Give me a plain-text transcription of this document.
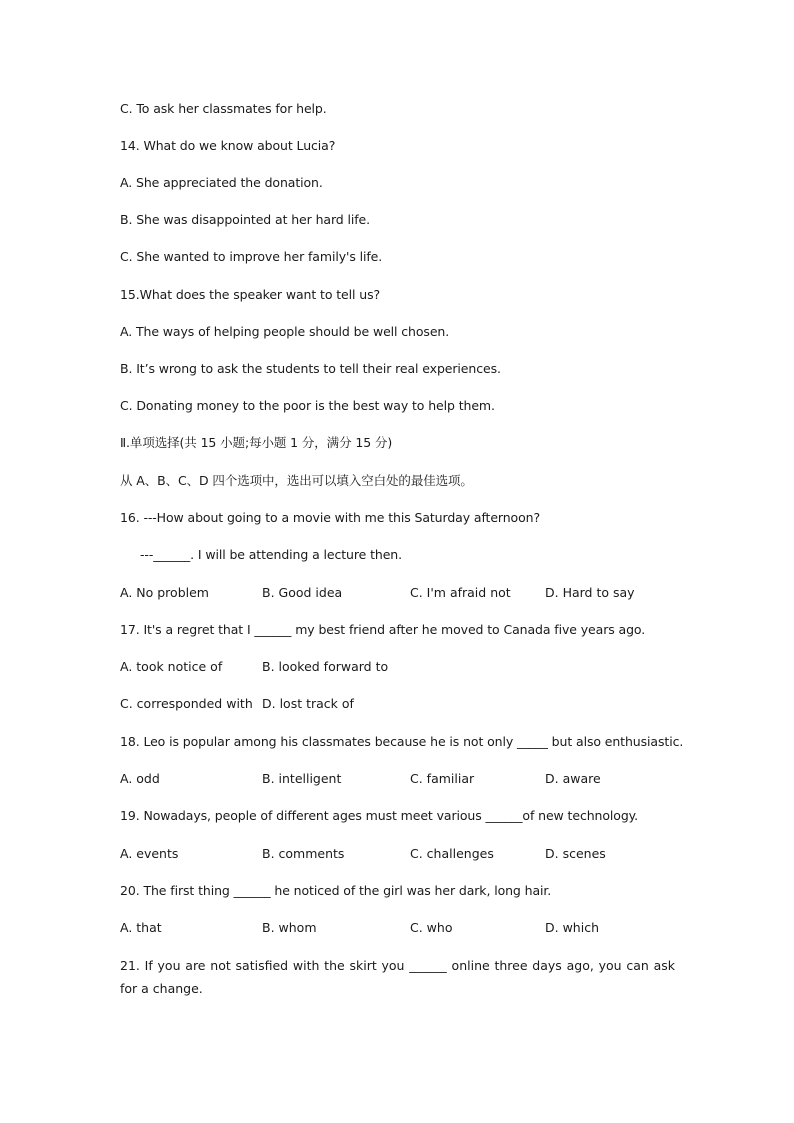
C. To ask her classmates for help.

14. What do we know about Lucia?

A. She appreciated the donation.

B. She was disappointed at her hard life.

C. She wanted to improve her family's life.

15.What does the speaker want to tell us?

A. The ways of helping people should be well chosen.

B. It’s wrong to ask the students to tell their real experiences.

C. Donating money to the poor is the best way to help them.

Ⅱ.单项选择(共 15 小题;每小题 1 分，满分 15 分)

从 A、B、C、D 四个选项中，选出可以填入空白处的最佳选项。

16. ---How about going to a movie with me this Saturday afternoon?

---______. I will be attending a lecture then.

A. No problem	B. Good idea	C. I'm afraid not	D. Hard to say

17. It's a regret that I ______ my best friend after he moved to Canada five years ago.

A. took notice of	B. looked forward to

C. corresponded with D. lost track of

18. Leo is popular among his classmates because he is not only _____ but also enthusiastic.

A. odd	B. intelligent	C. familiar	D. aware

19. Nowadays, people of different ages must meet various ______of new technology.

A. events	B. comments	C. challenges	D. scenes

20. The first thing ______ he noticed of the girl was her dark, long hair.

A. that	B. whom	C. who	D. which

21. If you are not satisfied with the skirt you ______ online three days ago, you can ask for a change.
